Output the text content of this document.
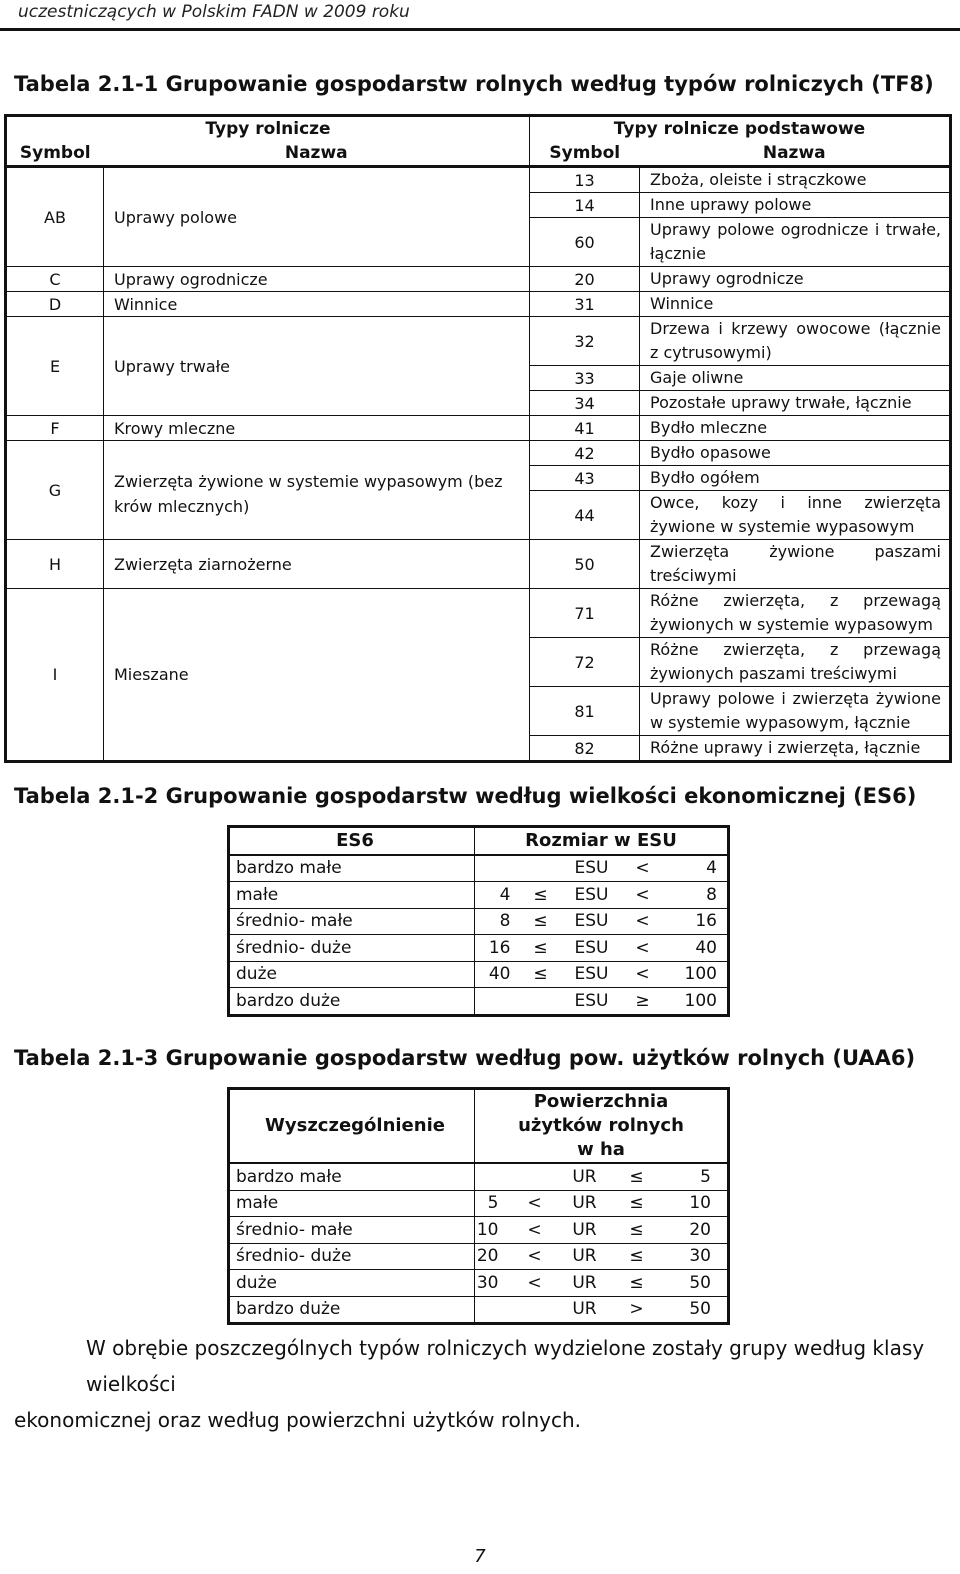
uczestniczących w Polskim FADN w 2009 roku
Tabela 2.1-1 Grupowanie gospodarstw rolnych według typów rolniczych (TF8)
Typy rolnicze		Typy rolnicze podstawowe	
Symbol	Nazwa	Symbol	Nazwa
AB	Uprawy polowe	13	Zboża, oleiste i strączkowe
		14	Inne uprawy polowe
		60	Uprawy polowe ogrodnicze i trwałe, łącznie
C	Uprawy ogrodnicze	20	Uprawy ogrodnicze
D	Winnice	31	Winnice
E	Uprawy trwałe	32	Drzewa i krzewy owocowe (łącznie z cytrusowymi)
		33	Gaje oliwne
		34	Pozostałe uprawy trwałe, łącznie
F	Krowy mleczne	41	Bydło mleczne
G	Zwierzęta żywione w systemie wypasowym (bez krów mlecznych)	42	Bydło opasowe
		43	Bydło ogółem
		44	Owce, kozy i inne zwierzęta żywione w systemie wypasowym
H	Zwierzęta ziarnożerne	50	Zwierzęta żywione paszami treściwymi
I	Mieszane	71	Różne zwierzęta, z przewagą żywionych w systemie wypasowym
		72	Różne zwierzęta, z przewagą żywionych paszami treściwymi
		81	Uprawy polowe i zwierzęta żywione w systemie wypasowym, łącznie
		82	Różne uprawy i zwierzęta, łącznie
Tabela 2.1-2 Grupowanie gospodarstw według wielkości ekonomicznej (ES6)
ES6	Rozmiar w ESU				
bardzo małe			ESU	<	4
małe	4	≤	ESU	<	8
średnio- małe	8	≤	ESU	<	16
średnio- duże	16	≤	ESU	<	40
duże	40	≤	ESU	<	100
bardzo duże			ESU	≥	100
Tabela 2.1-3 Grupowanie gospodarstw według pow. użytków rolnych (UAA6)
Wyszczególnienie	Powierzchnia użytków rolnych w ha				
bardzo małe			UR	≤	5
małe	5	<	UR	≤	10
średnio- małe	10	<	UR	≤	20
średnio- duże	20	<	UR	≤	30
duże	30	<	UR	≤	50
bardzo duże			UR	>	50
W obrębie poszczególnych typów rolniczych wydzielone zostały grupy według klasy wielkości
ekonomicznej oraz według powierzchni użytków rolnych.
7
